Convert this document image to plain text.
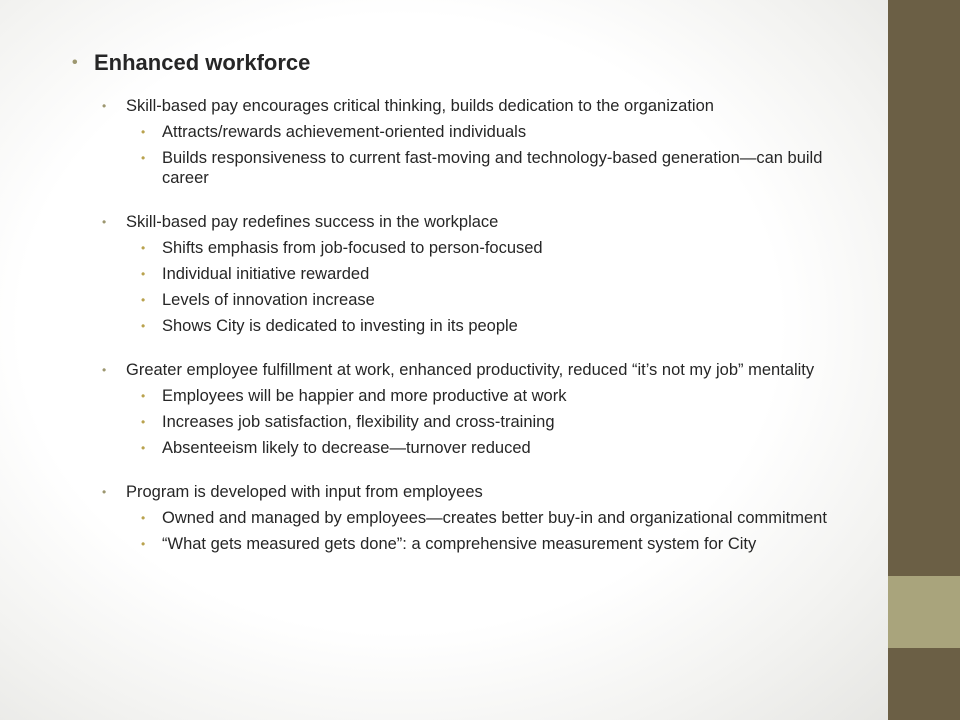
• Enhanced workforce
• Skill-based pay encourages critical thinking, builds dedication to the organization
• Attracts/rewards achievement-oriented individuals
• Builds responsiveness to current fast-moving and technology-based generation—can build career
• Skill-based pay redefines success in the workplace
• Shifts emphasis from job-focused to person-focused
• Individual initiative rewarded
• Levels of innovation increase
• Shows City is dedicated to investing in its people
• Greater employee fulfillment at work, enhanced productivity, reduced “it’s not my job” mentality
• Employees will be happier and more productive at work
• Increases job satisfaction, flexibility and cross-training
• Absenteeism likely to decrease—turnover reduced
• Program is developed with input from employees
• Owned and managed by employees—creates better buy-in and organizational commitment
• “What gets measured gets done”: a comprehensive measurement system for City
